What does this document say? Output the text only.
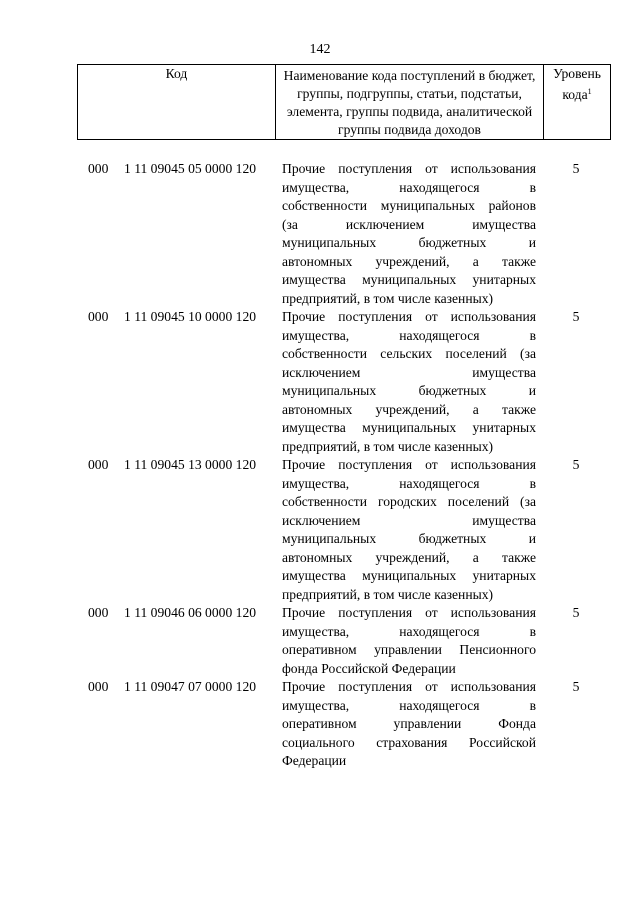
142
Код	Наименование кода поступлений в бюджет, группы, подгруппы, статьи, подстатьи, элемента, группы подвида, аналитической группы подвида доходов	Уровень
кода$^1$
000 1 11 09045 05 0000 120 Прочие поступления от использования
имущества, находящегося в
собственности муниципальных районов
(за исключением имущества
муниципальных бюджетных и
автономных учреждений, а также
имущества муниципальных унитарных
предприятий, в том числе казенных)
5
000 1 11 09045 10 0000 120 Прочие поступления от использования
имущества, находящегося в
собственности сельских поселений (за
исключением имущества
муниципальных бюджетных и
автономных учреждений, а также
имущества муниципальных унитарных
предприятий, в том числе казенных)
5
000 1 11 09045 13 0000 120 Прочие поступления от использования
имущества, находящегося в
собственности городских поселений (за
исключением имущества
муниципальных бюджетных и
автономных учреждений, а также
имущества муниципальных унитарных
предприятий, в том числе казенных)
5
000 1 11 09046 06 0000 120 Прочие поступления от использования
имущества, находящегося в
оперативном управлении Пенсионного
фонда Российской Федерации
5
000 1 11 09047 07 0000 120 Прочие поступления от использования
имущества, находящегося в
оперативном управлении Фонда
социального страхования Российской
Федерации
5
